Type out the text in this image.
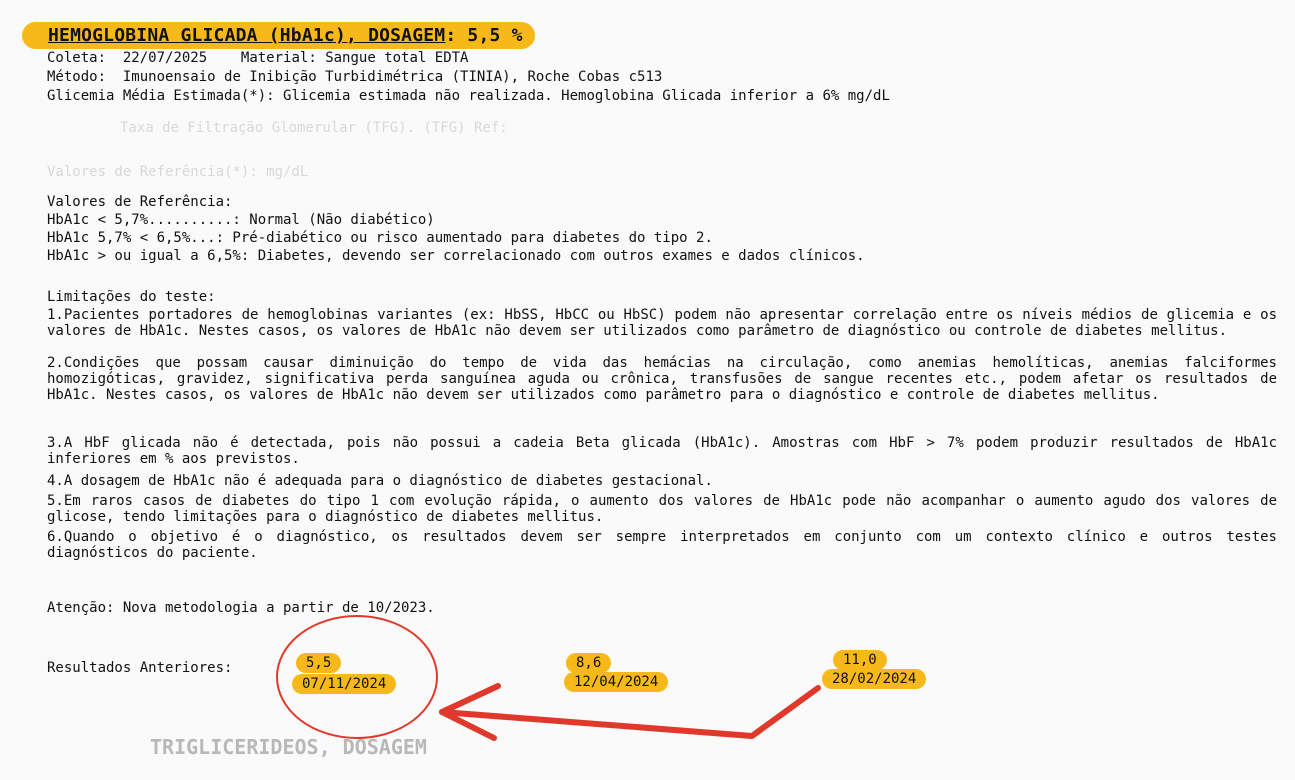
Taxa de Filtração Glomerular (TFG). (TFG) Ref:
Valores de Referência(*): mg/dL
HEMOGLOBINA GLICADA (HbA1c), DOSAGEM: 5,5 %
Coleta: 22/07/2025 Material: Sangue total EDTA
Método: Imunoensaio de Inibição Turbidimétrica (TINIA), Roche Cobas c513
Glicemia Média Estimada(*): Glicemia estimada não realizada. Hemoglobina Glicada inferior a 6% mg/dL
Valores de Referência:
HbA1c < 5,7%..........: Normal (Não diabético)
HbA1c 5,7% < 6,5%...: Pré-diabético ou risco aumentado para diabetes do tipo 2.
HbA1c > ou igual a 6,5%: Diabetes, devendo ser correlacionado com outros exames e dados clínicos.
Limitações do teste:
1.Pacientes portadores de hemoglobinas variantes (ex: HbSS, HbCC ou HbSC) podem não apresentar correlação entre os níveis médios de glicemia e os valores de HbA1c. Nestes casos, os valores de HbA1c não devem ser utilizados como parâmetro de diagnóstico ou controle de diabetes mellitus.
2.Condições que possam causar diminuição do tempo de vida das hemácias na circulação, como anemias hemolíticas, anemias falciformes homozigóticas, gravidez, significativa perda sanguínea aguda ou crônica, transfusões de sangue recentes etc., podem afetar os resultados de HbA1c. Nestes casos, os valores de HbA1c não devem ser utilizados como parâmetro para o diagnóstico e controle de diabetes mellitus.
3.A HbF glicada não é detectada, pois não possui a cadeia Beta glicada (HbA1c). Amostras com HbF > 7% podem produzir resultados de HbA1c inferiores em % aos previstos.
4.A dosagem de HbA1c não é adequada para o diagnóstico de diabetes gestacional.
5.Em raros casos de diabetes do tipo 1 com evolução rápida, o aumento dos valores de HbA1c pode não acompanhar o aumento agudo dos valores de glicose, tendo limitações para o diagnóstico de diabetes mellitus.
6.Quando o objetivo é o diagnóstico, os resultados devem ser sempre interpretados em conjunto com um contexto clínico e outros testes diagnósticos do paciente.
Atenção: Nova metodologia a partir de 10/2023.
Resultados Anteriores:	5,5
07/11/2024
8,6
12/04/2024
11,0
28/02/2024
TRIGLICERIDEOS, DOSAGEM
